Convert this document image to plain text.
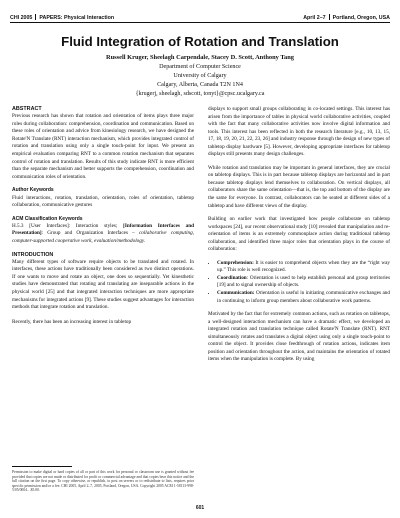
CHI 2005 PAPERS: Physical Interaction	April 2–7 Portland, Oregon, USA
Fluid Integration of Rotation and Translation
Russell Kruger, Sheelagh Carpendale, Stacey D. Scott, Anthony Tang
Department of Computer Science
University of Calgary
Calgary, Alberta, Canada T2N 1N4
{krugerj, sheelagh, sdscott, tonyt}@cpsc.ucalgary.ca
ABSTRACT

Previous research has shown that rotation and orientation of items plays three major roles during collaboration: comprehension, coordination and communication. Based on these roles of orientation and advice from kinesiology research, we have designed the Rotate'N Translate (RNT) interaction mechanism, which provides integrated control of rotation and translation using only a single touch-point for input. We present an empirical evaluation comparing RNT to a common rotation mechanism that separates control of rotation and translation. Results of this study indicate RNT is more efficient than the separate mechanism and better supports the comprehension, coordination and communication roles of orientation.

Author Keywords

Fluid interactions, rotation, translation, orientation, roles of orientation, tabletop collaboration, communicative gestures

ACM Classification Keywords

H.5.3 [User Interfaces]: Interaction styles; [Information Interfaces and Presentation]: Group and Organization Interfaces – collaborative computing, computer-supported cooperative work, evaluation/methodology.

INTRODUCTION

Many different types of software require objects to be translated and rotated. In interfaces, these actions have traditionally been considered as two distinct operations. If one wants to move and rotate an object, one does so sequentially. Yet kinesthetic studies have demonstrated that rotating and translating are inseparable actions in the physical world [25] and that integrated interaction techniques are more appropriate mechanisms for integrated actions [9]. These studies suggest advantages for interaction methods that integrate rotation and translation.

Recently, there has been an increasing interest in tabletop

Permission to make digital or hard copies of all or part of this work for personal or classroom use is granted without fee provided that copies are not made or distributed for profit or commercial advantage and that copies bear this notice and the full citation on the first page. To copy otherwise, or republish, to post on servers or to redistribute to lists, requires prior specific permission and/or a fee. CHI 2005, April 2–7, 2005, Portland, Oregon, USA. Copyright 2005 ACM 1-58113-998-5/05/0004…$5.00.

displays to support small groups collaborating in co-located settings. This interest has arisen from the importance of tables in physical world collaborative activities, coupled with the fact that many collaborative activities now involve digital information and tools. This interest has been reflected in both the research literature [e.g., 10, 13, 15, 17, 18, 19, 20, 21, 22, 23, 26] and industry response through the design of new types of tabletop display hardware [5]. However, developing appropriate interfaces for tabletop displays still presents many design challenges.

While rotation and translation may be important in general interfaces, they are crucial on tabletop displays. This is in part because tabletop displays are horizontal and in part because tabletop displays lend themselves to collaboration. On vertical displays, all collaborators share the same orientation—that is, the top and bottom of the display are the same for everyone. In contrast, collaborators can be seated at different sides of a tabletop and have different views of the display.

Building on earlier work that investigated how people collaborate on tabletop workspaces [24], our recent observational study [10] revealed that manipulation and re-orientation of items is an extremely commonplace action during traditional tabletop collaboration, and identified three major roles that orientation plays in the course of collaboration:

• Comprehension: It is easier to comprehend objects when they are the “right way up.” This role is well recognized.
• Coordination: Orientation is used to help establish personal and group territories [19] and to signal ownership of objects.
• Communication: Orientation is useful in initiating communicative exchanges and in continuing to inform group members about collaborative work patterns.

Motivated by the fact that for extremely common actions, such as rotation on tabletops, a well-designed interaction mechanism can have a dramatic effect, we developed an integrated rotation and translation technique called Rotate'N Translate (RNT). RNT simultaneously rotates and translates a digital object using only a single touch-point to control the object. It provides close feedthrough of rotation actions, indicates item position and orientation throughout the action, and maintains the orientation of rotated items when the manipulation is complete. By using

601
